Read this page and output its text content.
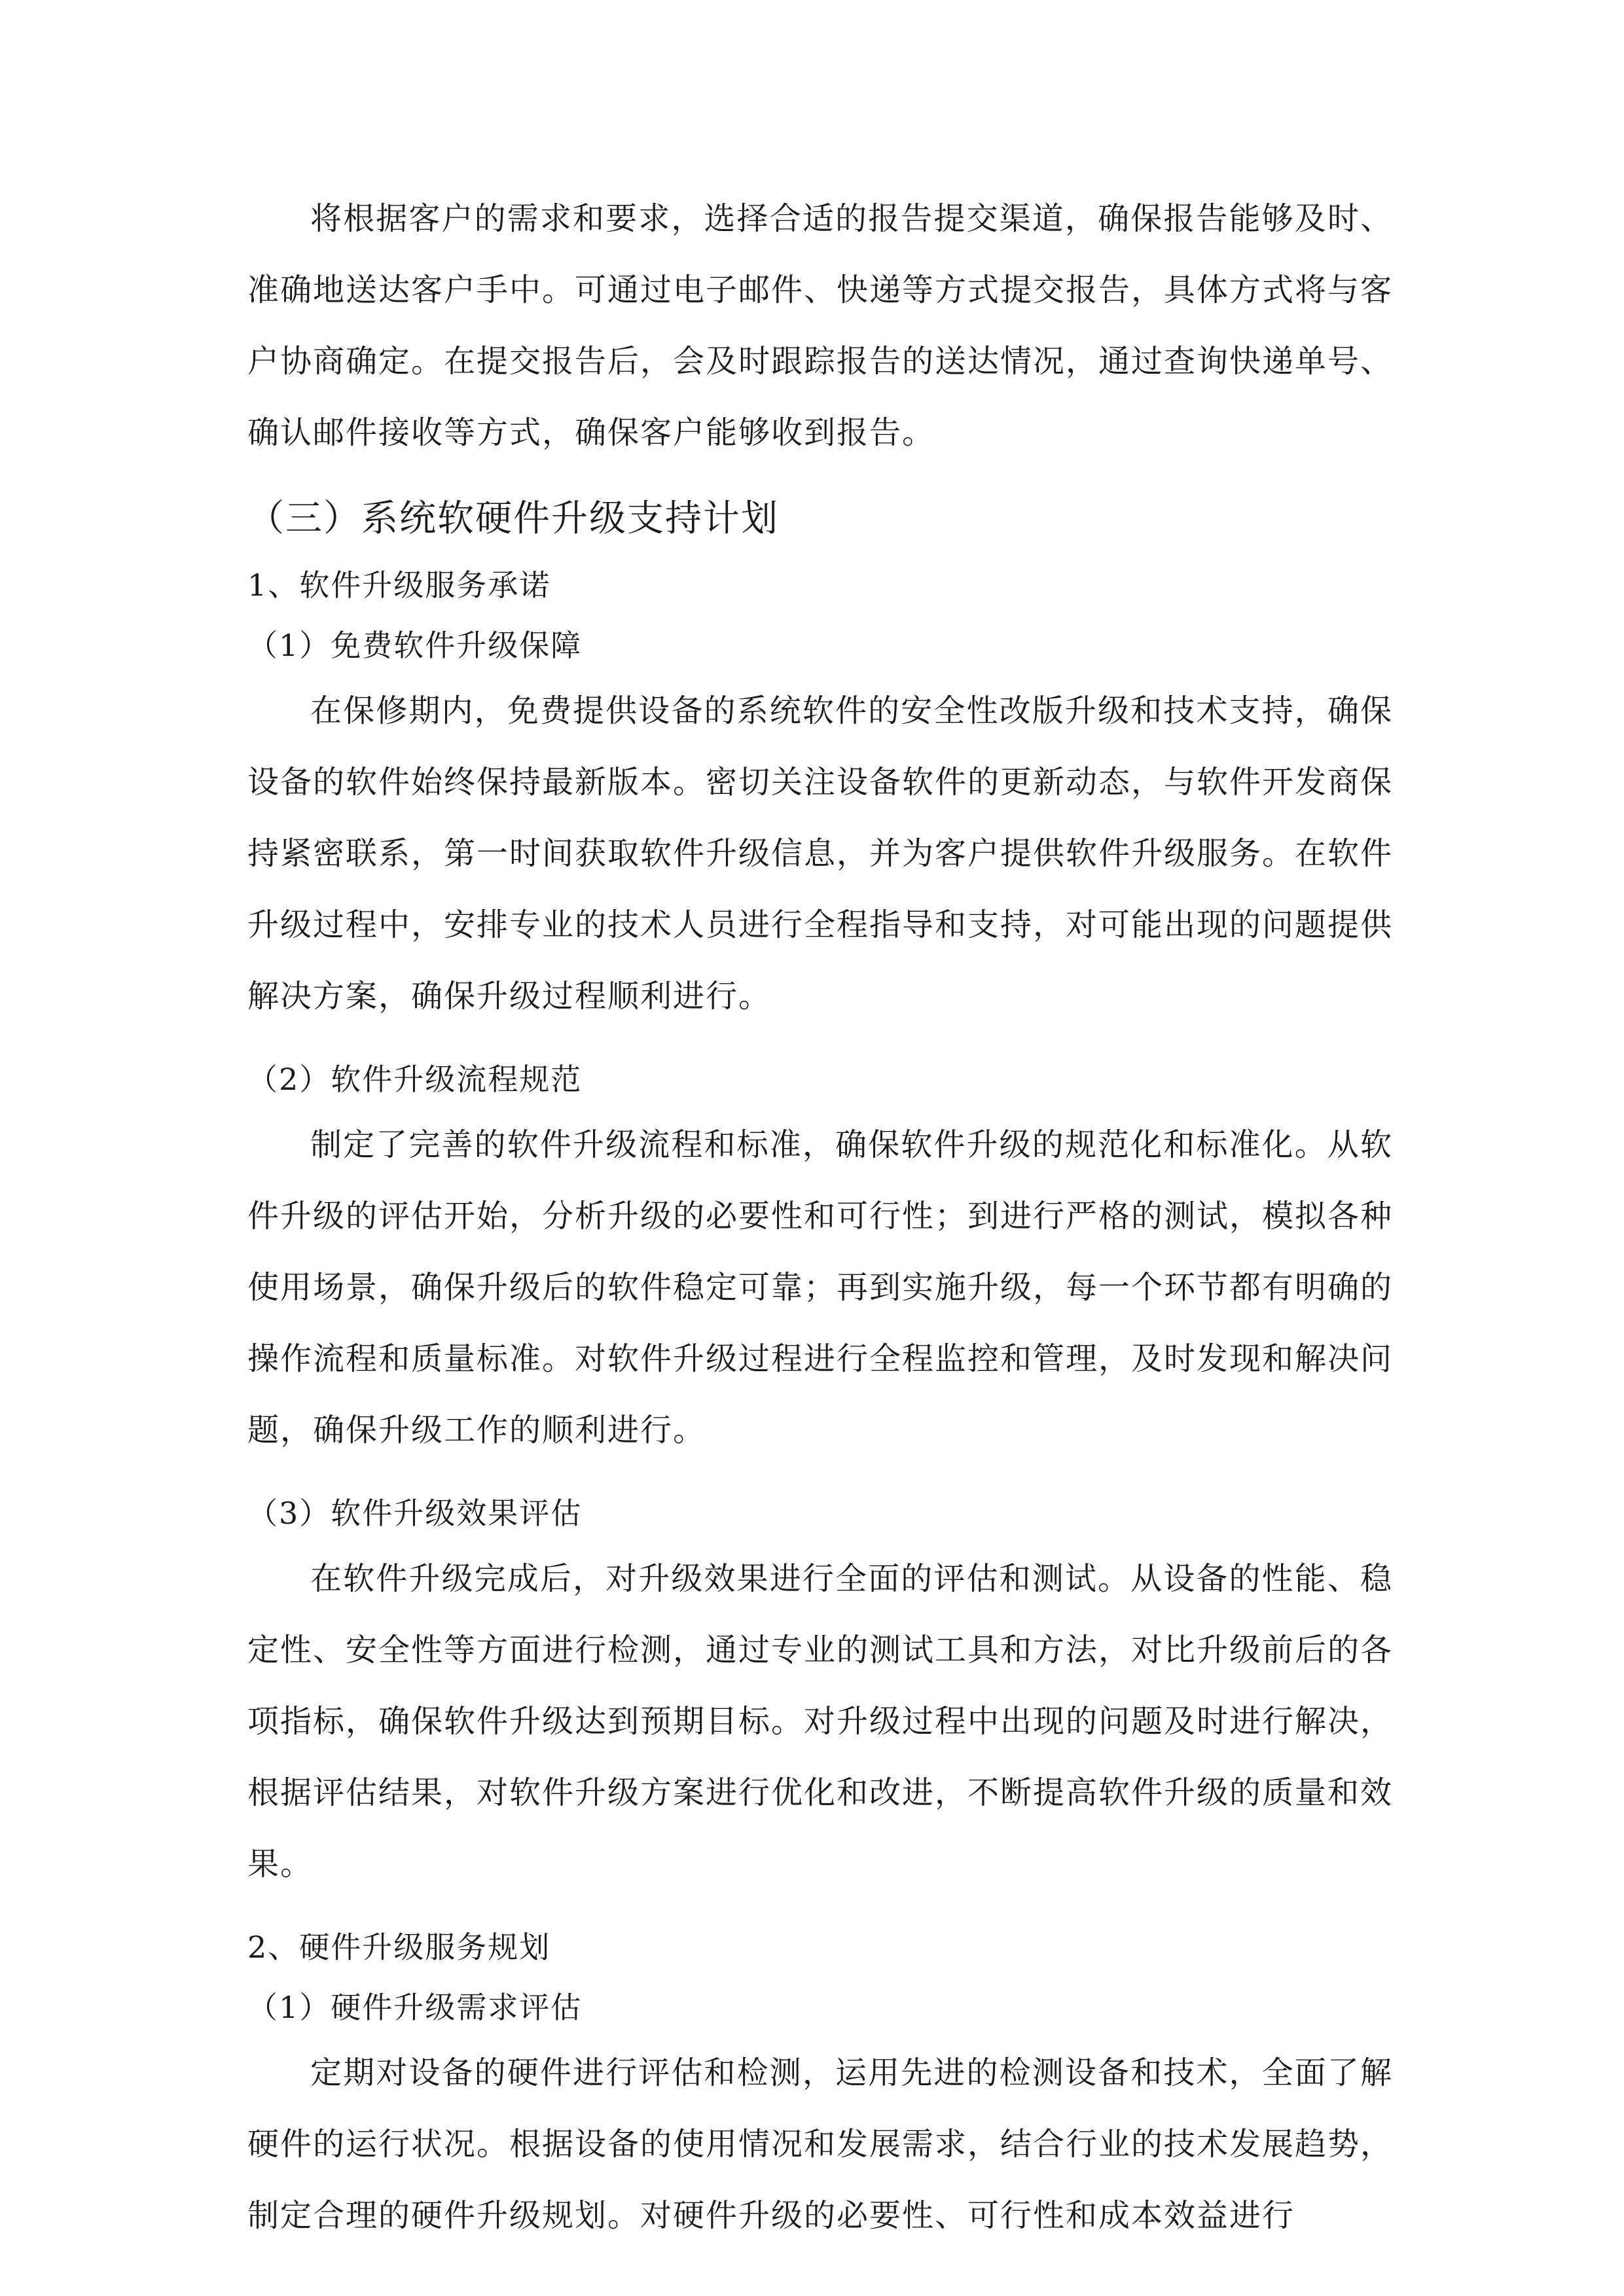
将根据客户的需求和要求，选择合适的报告提交渠道，确保报告能够及时、准确地送达客户手中。可通过电子邮件、快递等方式提交报告，具体方式将与客户协商确定。在提交报告后，会及时跟踪报告的送达情况，通过查询快递单号、确认邮件接收等方式，确保客户能够收到报告。

（三）系统软硬件升级支持计划
1、软件升级服务承诺
（1）免费软件升级保障

在保修期内，免费提供设备的系统软件的安全性改版升级和技术支持，确保设备的软件始终保持最新版本。密切关注设备软件的更新动态，与软件开发商保持紧密联系，第一时间获取软件升级信息，并为客户提供软件升级服务。在软件升级过程中，安排专业的技术人员进行全程指导和支持，对可能出现的问题提供解决方案，确保升级过程顺利进行。

（2）软件升级流程规范

制定了完善的软件升级流程和标准，确保软件升级的规范化和标准化。从软件升级的评估开始，分析升级的必要性和可行性；到进行严格的测试，模拟各种使用场景，确保升级后的软件稳定可靠；再到实施升级，每一个环节都有明确的操作流程和质量标准。对软件升级过程进行全程监控和管理，及时发现和解决问题，确保升级工作的顺利进行。

（3）软件升级效果评估

在软件升级完成后，对升级效果进行全面的评估和测试。从设备的性能、稳定性、安全性等方面进行检测，通过专业的测试工具和方法，对比升级前后的各项指标，确保软件升级达到预期目标。对升级过程中出现的问题及时进行解决，根据评估结果，对软件升级方案进行优化和改进，不断提高软件升级的质量和效果。

2、硬件升级服务规划
（1）硬件升级需求评估

定期对设备的硬件进行评估和检测，运用先进的检测设备和技术，全面了解硬件的运行状况。根据设备的使用情况和发展需求，结合行业的技术发展趋势，制定合理的硬件升级规划。对硬件升级的必要性、可行性和成本效益进行
